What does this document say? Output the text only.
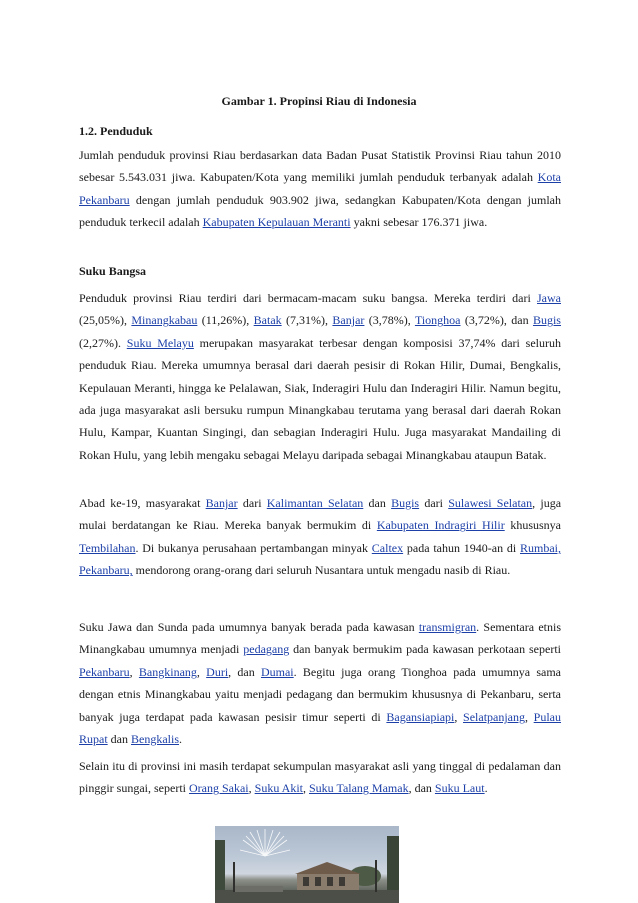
Gambar 1. Propinsi Riau di Indonesia
1.2. Penduduk

Jumlah penduduk provinsi Riau berdasarkan data Badan Pusat Statistik Provinsi Riau tahun 2010 sebesar 5.543.031 jiwa. Kabupaten/Kota yang memiliki jumlah penduduk terbanyak adalah Kota Pekanbaru dengan jumlah penduduk 903.902 jiwa, sedangkan Kabupaten/Kota dengan jumlah penduduk terkecil adalah Kabupaten Kepulauan Meranti yakni sebesar 176.371 jiwa.

Suku Bangsa

Penduduk provinsi Riau terdiri dari bermacam-macam suku bangsa. Mereka terdiri dari Jawa (25,05%), Minangkabau (11,26%), Batak (7,31%), Banjar (3,78%), Tionghoa (3,72%), dan Bugis (2,27%). Suku Melayu merupakan masyarakat terbesar dengan komposisi 37,74% dari seluruh penduduk Riau. Mereka umumnya berasal dari daerah pesisir di Rokan Hilir, Dumai, Bengkalis, Kepulauan Meranti, hingga ke Pelalawan, Siak, Inderagiri Hulu dan Inderagiri Hilir. Namun begitu, ada juga masyarakat asli bersuku rumpun Minangkabau terutama yang berasal dari daerah Rokan Hulu, Kampar, Kuantan Singingi, dan sebagian Inderagiri Hulu. Juga masyarakat Mandailing di Rokan Hulu, yang lebih mengaku sebagai Melayu daripada sebagai Minangkabau ataupun Batak.

Abad ke-19, masyarakat Banjar dari Kalimantan Selatan dan Bugis dari Sulawesi Selatan, juga mulai berdatangan ke Riau. Mereka banyak bermukim di Kabupaten Indragiri Hilir khususnya Tembilahan. Di bukanya perusahaan pertambangan minyak Caltex pada tahun 1940-an di Rumbai, Pekanbaru, mendorong orang-orang dari seluruh Nusantara untuk mengadu nasib di Riau.

Suku Jawa dan Sunda pada umumnya banyak berada pada kawasan transmigran. Sementara etnis Minangkabau umumnya menjadi pedagang dan banyak bermukim pada kawasan perkotaan seperti Pekanbaru, Bangkinang, Duri, dan Dumai. Begitu juga orang Tionghoa pada umumnya sama dengan etnis Minangkabau yaitu menjadi pedagang dan bermukim khususnya di Pekanbaru, serta banyak juga terdapat pada kawasan pesisir timur seperti di Bagansiapiapi, Selatpanjang, Pulau Rupat dan Bengkalis.

Selain itu di provinsi ini masih terdapat sekumpulan masyarakat asli yang tinggal di pedalaman dan pinggir sungai, seperti Orang Sakai, Suku Akit, Suku Talang Mamak, dan Suku Laut.
